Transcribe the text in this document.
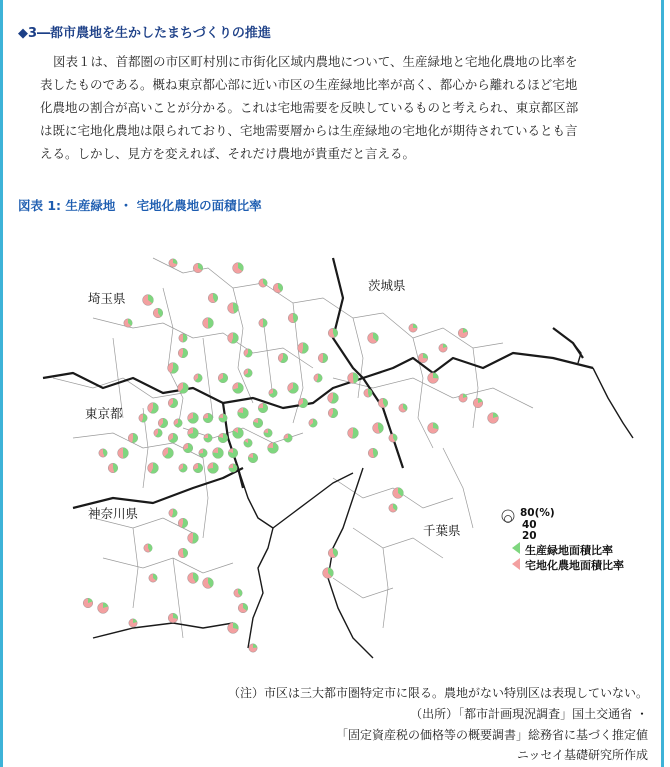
◆3―都市農地を生かしたまちづくりの推進
図表１は、首都圏の市区町村別に市街化区域内農地について、生産緑地と宅地化農地の比率を
表したものである。概ね東京都心部に近い市区の生産緑地比率が高く、都心から離れるほど宅地
化農地の割合が高いことが分かる。これは宅地需要を反映しているものと考えられ、東京都区部
は既に宅地化農地は限られており、宅地需要層からは生産緑地の宅地化が期待されているとも言
える。しかし、見方を変えれば、それだけ農地が貴重だと言える。
図表 1: 生産緑地 ・ 宅地化農地の面積比率
埼玉県
茨城県
東京都
神奈川県
千葉県
80(%)
40
20
生産緑地面積比率
宅地化農地面積比率
（注）市区は三大都市圏特定市に限る。農地がない特別区は表現していない。
（出所）「都市計画現況調査」国土交通省 ・
「固定資産税の価格等の概要調書」総務省に基づく推定値
ニッセイ基礎研究所作成
